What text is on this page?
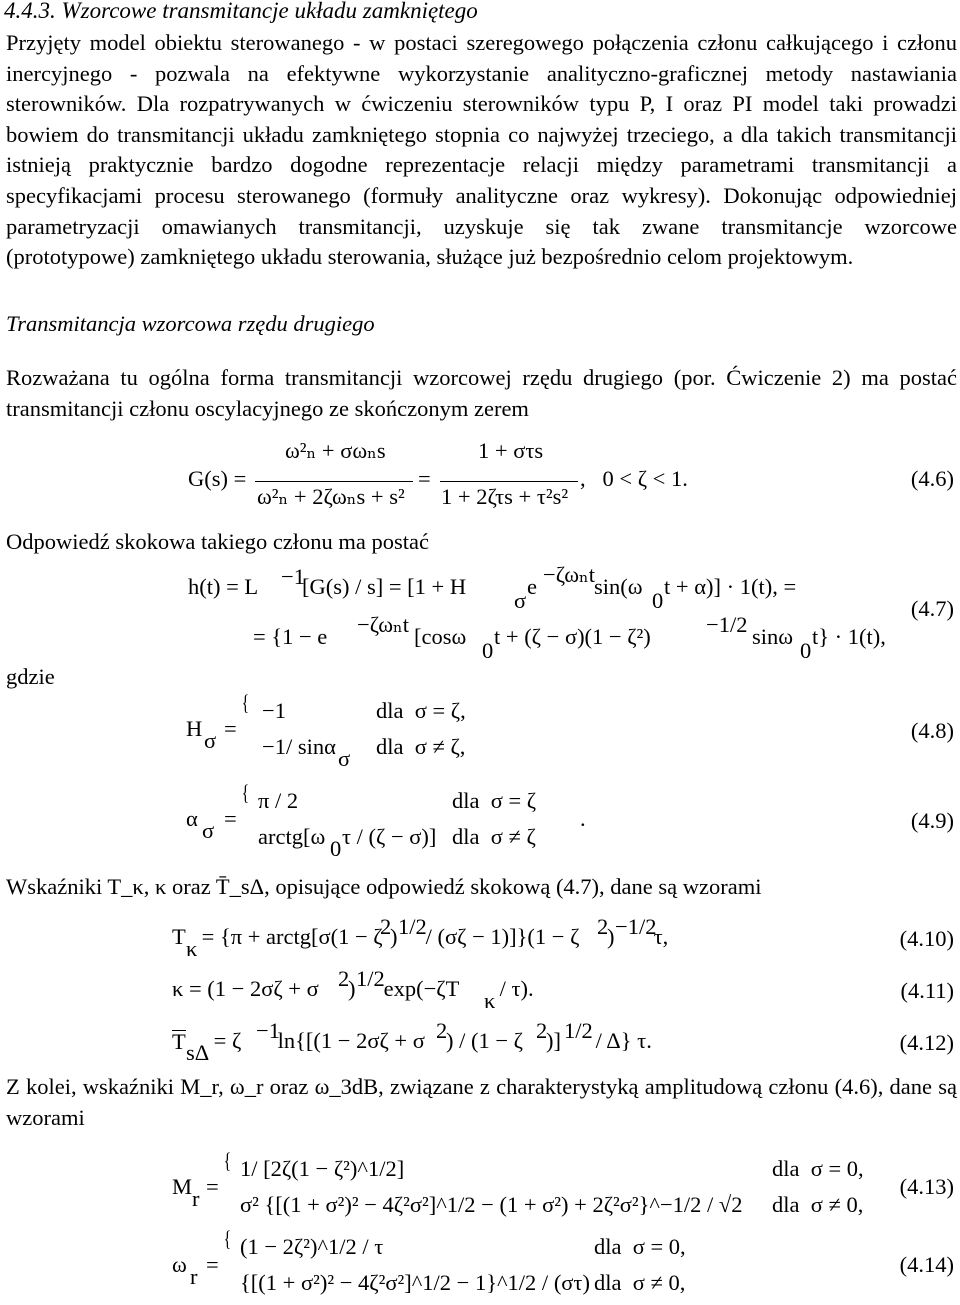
4.4.3. Wzorcowe transmitancje układu zamkniętego

Przyjęty model obiektu sterowanego - w postaci szeregowego połączenia członu całkującego i członu inercyjnego - pozwala na efektywne wykorzystanie analityczno-graficznej metody nastawiania sterowników. Dla rozpatrywanych w ćwiczeniu sterowników typu P, I oraz PI model taki prowadzi bowiem do transmitancji układu zamkniętego stopnia co najwyżej trzeciego, a dla takich transmitancji istnieją praktycznie bardzo dogodne reprezentacje relacji między parametrami transmitancji a specyfikacjami procesu sterowanego (formuły analityczne oraz wykresy). Dokonując odpowiedniej parametryzacji omawianych transmitancji, uzyskuje się tak zwane transmitancje wzorcowe (prototypowe) zamkniętego układu sterowania, służące już bezpośrednio celom projektowym.

Transmitancja wzorcowa rzędu drugiego

Rozważana tu ogólna forma transmitancji wzorcowej rzędu drugiego (por. Ćwiczenie 2) ma postać transmitancji członu oscylacyjnego ze skończonym zerem

G(s) =
ω²ₙ + σωₙs
ω²ₙ + 2ζωₙs + s²
=
1 + στs
1 + 2ζτs + τ²s²
,   0 < ζ < 1.	(4.6)
Odpowiedź skokowa takiego członu ma postać
h(t) = L −1
[G(s) / s] = [1 + H
σ
e −ζωₙt sin(ω
0
t + α)] · 1(t), =
= {1 − e −ζωₙt [cosω
0
t + (ζ − σ)(1 − ζ²) −1/2 sinω
0
t} · 1(t),
(4.7)
gdzie
H σ =
{ −1	dla  σ = ζ,
−1/ sinα σ dla  σ ≠ ζ,
(4.8)
α σ =
{ π / 2	dla  σ = ζ
arctg[ω 0 τ / (ζ − σ)] dla  σ ≠ ζ
.	(4.9)
Wskaźniki T_κ, κ oraz T̄_sΔ, opisujące odpowiedź skokową (4.7), dane są wzorami
T κ
= {π + arctg[σ(1 − ζ
2
) 1/2
/ (σζ − 1)]}(1 − ζ 2
) −1/2
τ,	(4.10)
κ = (1 − 2σζ + σ 2
) 1/2
exp(−ζT κ
/ τ).	(4.11)
T sΔ
= ζ −1
ln{[(1 − 2σζ + σ 2
) / (1 − ζ 2
)] 1/2
/ Δ} τ.	(4.12)

Z kolei, wskaźniki M_r, ω_r oraz ω_3dB, związane z charakterystyką amplitudową członu (4.6), dane są wzorami

M r =
{ 1/ [2ζ(1 − ζ²)^1/2]	dla  σ = 0,
σ² {[(1 + σ²)² − 4ζ²σ²]^1/2 − (1 + σ²) + 2ζ²σ²}^−1/2 / √2 dla  σ ≠ 0,
(4.13)
ω r =
{ (1 − 2ζ²)^1/2 / τ	dla  σ = 0,
{[(1 + σ²)² − 4ζ²σ²]^1/2 − 1}^1/2 / (στ) dla  σ ≠ 0,
(4.14)
